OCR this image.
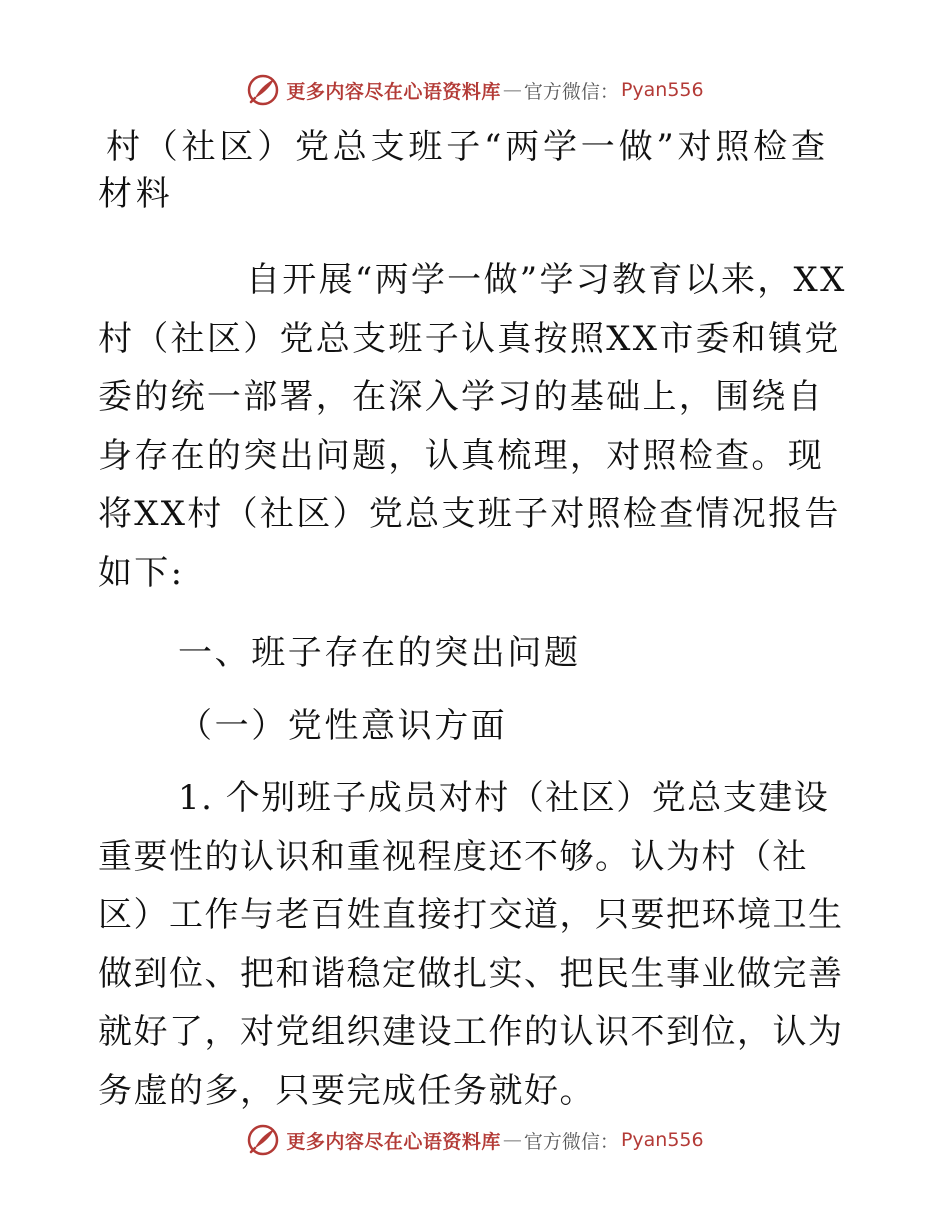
更多内容尽在心语资料库 — 官方微信： Pyan556
村（社区）党总支班子“两学一做”对照检查材料

自开展“两学一做”学习教育以来，XX村（社区）党总支班子认真按照XX市委和镇党委的统一部署，在深入学习的基础上，围绕自身存在的突出问题，认真梳理，对照检查。现将XX村（社区）党总支班子对照检查情况报告如下:

一、班子存在的突出问题

（一）党性意识方面

1. 个别班子成员对村（社区）党总支建设重要性的认识和重视程度还不够。认为村（社区）工作与老百姓直接打交道，只要把环境卫生做到位、把和谐稳定做扎实、把民生事业做完善就好了，对党组织建设工作的认识不到位，认为务虚的多，只要完成任务就好。

更多内容尽在心语资料库 — 官方微信： Pyan556
